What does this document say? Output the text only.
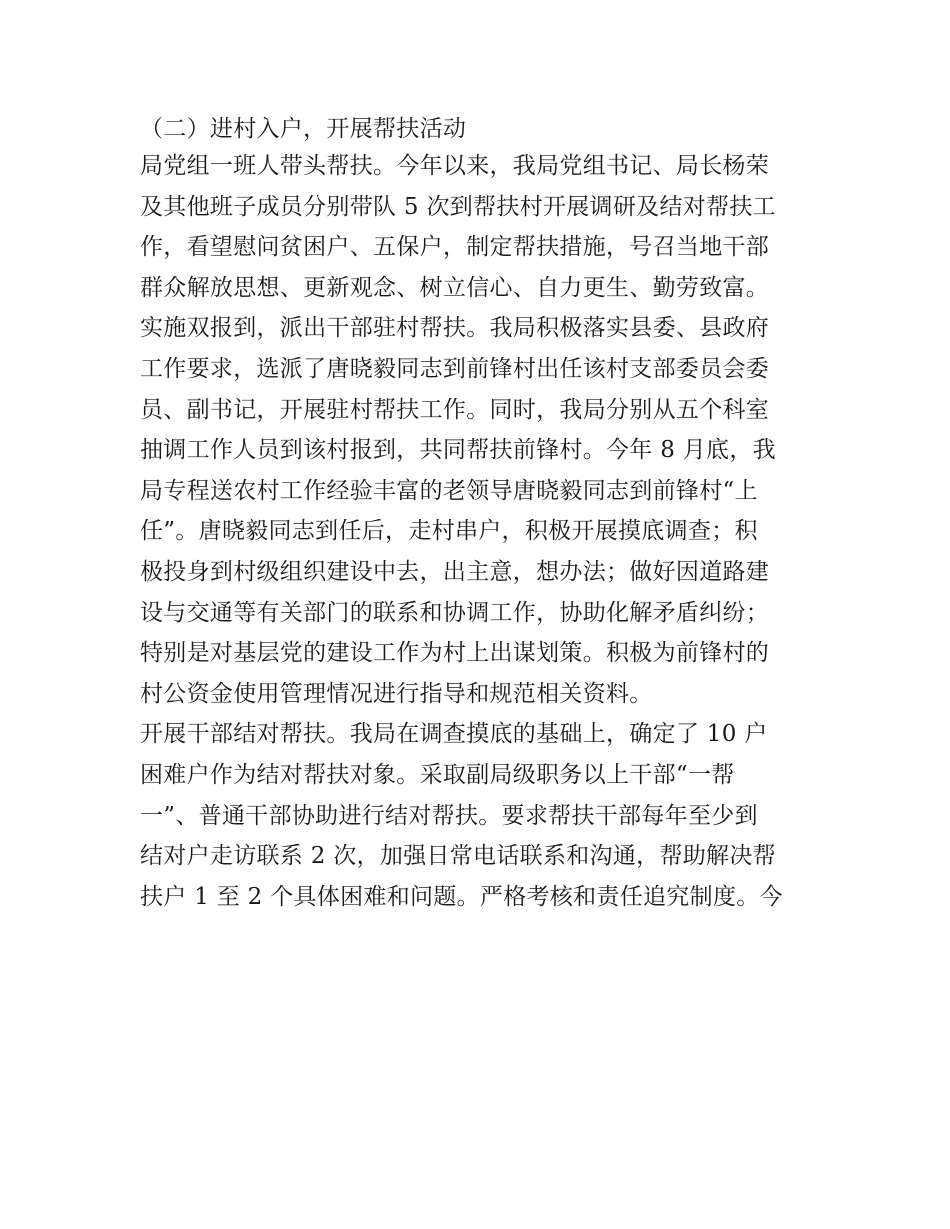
（二）进村入户，开展帮扶活动
局党组一班人带头帮扶。今年以来，我局党组书记、局长杨荣
及其他班子成员分别带队 5 次到帮扶村开展调研及结对帮扶工
作，看望慰问贫困户、五保户，制定帮扶措施，号召当地干部
群众解放思想、更新观念、树立信心、自力更生、勤劳致富。
实施双报到，派出干部驻村帮扶。我局积极落实县委、县政府
工作要求，选派了唐晓毅同志到前锋村出任该村支部委员会委
员、副书记，开展驻村帮扶工作。同时，我局分别从五个科室
抽调工作人员到该村报到，共同帮扶前锋村。今年 8 月底，我
局专程送农村工作经验丰富的老领导唐晓毅同志到前锋村“上
任”。唐晓毅同志到任后，走村串户，积极开展摸底调查；积
极投身到村级组织建设中去，出主意，想办法；做好因道路建
设与交通等有关部门的联系和协调工作，协助化解矛盾纠纷；
特别是对基层党的建设工作为村上出谋划策。积极为前锋村的
村公资金使用管理情况进行指导和规范相关资料。
开展干部结对帮扶。我局在调查摸底的基础上，确定了 10 户
困难户作为结对帮扶对象。采取副局级职务以上干部“一帮
一”、普通干部协助进行结对帮扶。要求帮扶干部每年至少到
结对户走访联系 2 次，加强日常电话联系和沟通，帮助解决帮
扶户 1 至 2 个具体困难和问题。严格考核和责任追究制度。今
